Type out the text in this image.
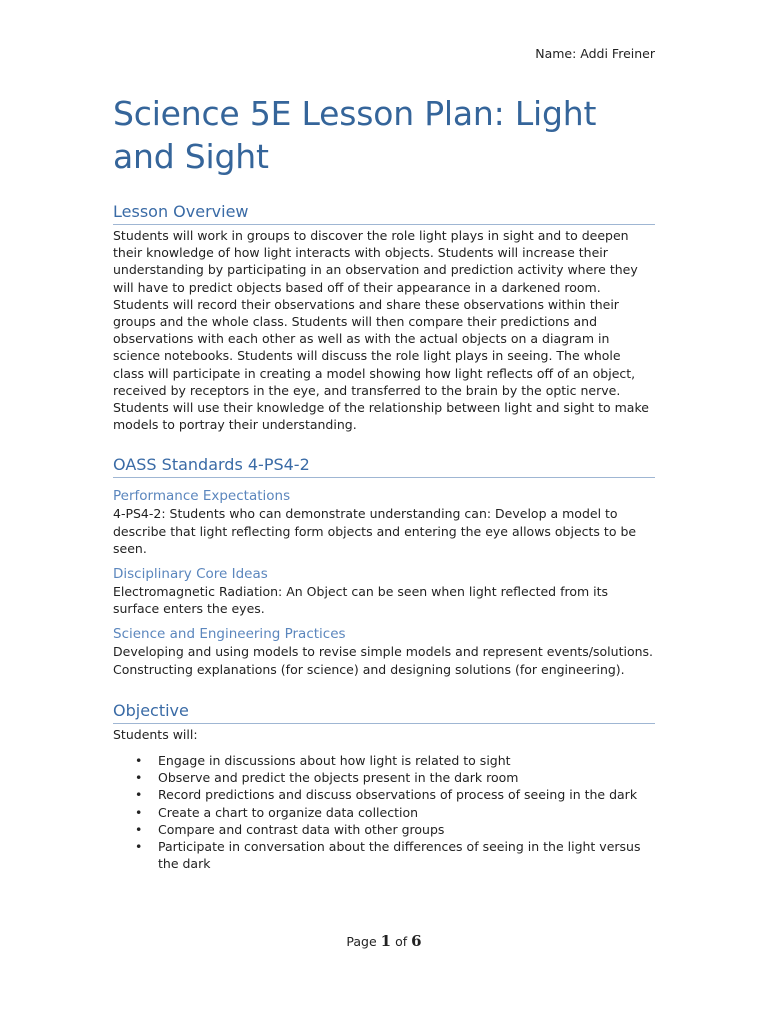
Name: Addi Freiner
Science 5E Lesson Plan: Light and Sight
Lesson Overview

Students will work in groups to discover the role light plays in sight and to deepen their knowledge of how light interacts with objects. Students will increase their understanding by participating in an observation and prediction activity where they will have to predict objects based off of their appearance in a darkened room. Students will record their observations and share these observations within their groups and the whole class. Students will then compare their predictions and observations with each other as well as with the actual objects on a diagram in science notebooks. Students will discuss the role light plays in seeing. The whole class will participate in creating a model showing how light reflects off of an object, received by receptors in the eye, and transferred to the brain by the optic nerve. Students will use their knowledge of the relationship between light and sight to make models to portray their understanding.

OASS Standards 4-PS4-2
Performance Expectations

4-PS4-2: Students who can demonstrate understanding can: Develop a model to describe that light reflecting form objects and entering the eye allows objects to be seen.

Disciplinary Core Ideas

Electromagnetic Radiation: An Object can be seen when light reflected from its surface enters the eyes.

Science and Engineering Practices

Developing and using models to revise simple models and represent events/solutions. Constructing explanations (for science) and designing solutions (for engineering).

Objective

Students will:

• Engage in discussions about how light is related to sight
• Observe and predict the objects present in the dark room
• Record predictions and discuss observations of process of seeing in the dark
• Create a chart to organize data collection
• Compare and contrast data with other groups
• Participate in conversation about the differences of seeing in the light versus the dark
Page 1 of 6
